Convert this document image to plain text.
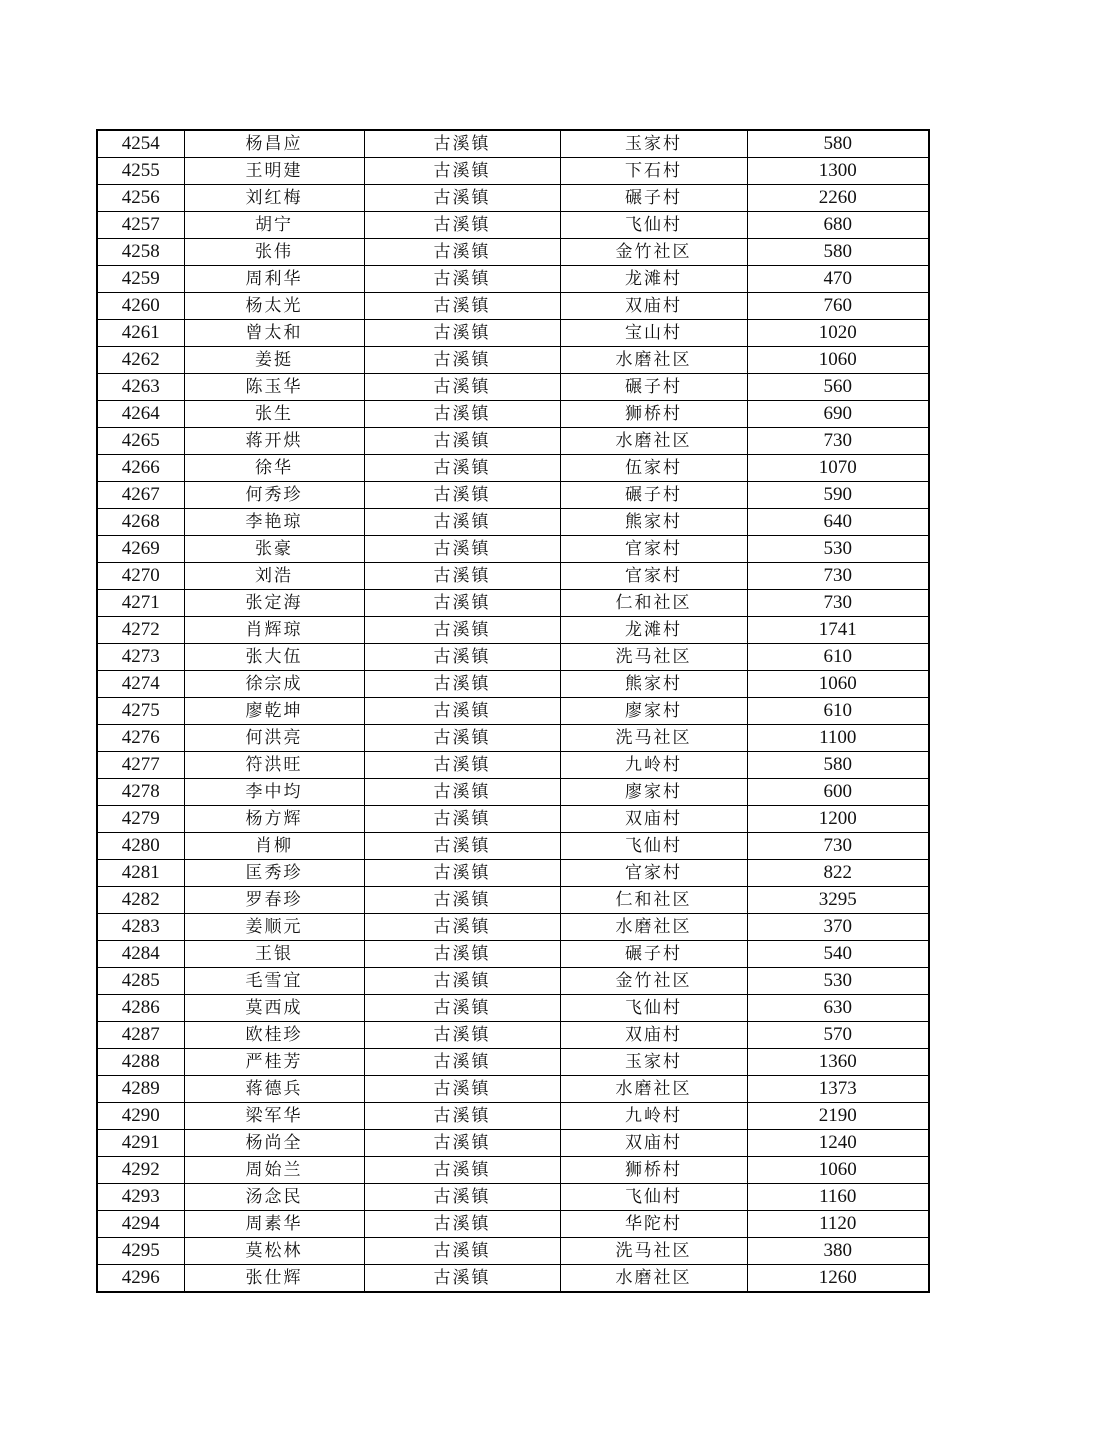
4254	杨昌应	古溪镇	玉家村	580
4255	王明建	古溪镇	下石村	1300
4256	刘红梅	古溪镇	碾子村	2260
4257	胡宁	古溪镇	飞仙村	680
4258	张伟	古溪镇	金竹社区	580
4259	周利华	古溪镇	龙滩村	470
4260	杨太光	古溪镇	双庙村	760
4261	曾太和	古溪镇	宝山村	1020
4262	姜挺	古溪镇	水磨社区	1060
4263	陈玉华	古溪镇	碾子村	560
4264	张生	古溪镇	狮桥村	690
4265	蒋开烘	古溪镇	水磨社区	730
4266	徐华	古溪镇	伍家村	1070
4267	何秀珍	古溪镇	碾子村	590
4268	李艳琼	古溪镇	熊家村	640
4269	张豪	古溪镇	官家村	530
4270	刘浩	古溪镇	官家村	730
4271	张定海	古溪镇	仁和社区	730
4272	肖辉琼	古溪镇	龙滩村	1741
4273	张大伍	古溪镇	洗马社区	610
4274	徐宗成	古溪镇	熊家村	1060
4275	廖乾坤	古溪镇	廖家村	610
4276	何洪亮	古溪镇	洗马社区	1100
4277	符洪旺	古溪镇	九岭村	580
4278	李中均	古溪镇	廖家村	600
4279	杨方辉	古溪镇	双庙村	1200
4280	肖柳	古溪镇	飞仙村	730
4281	匡秀珍	古溪镇	官家村	822
4282	罗春珍	古溪镇	仁和社区	3295
4283	姜顺元	古溪镇	水磨社区	370
4284	王银	古溪镇	碾子村	540
4285	毛雪宜	古溪镇	金竹社区	530
4286	莫西成	古溪镇	飞仙村	630
4287	欧桂珍	古溪镇	双庙村	570
4288	严桂芳	古溪镇	玉家村	1360
4289	蒋德兵	古溪镇	水磨社区	1373
4290	梁军华	古溪镇	九岭村	2190
4291	杨尚全	古溪镇	双庙村	1240
4292	周始兰	古溪镇	狮桥村	1060
4293	汤念民	古溪镇	飞仙村	1160
4294	周素华	古溪镇	华陀村	1120
4295	莫松林	古溪镇	洗马社区	380
4296	张仕辉	古溪镇	水磨社区	1260
